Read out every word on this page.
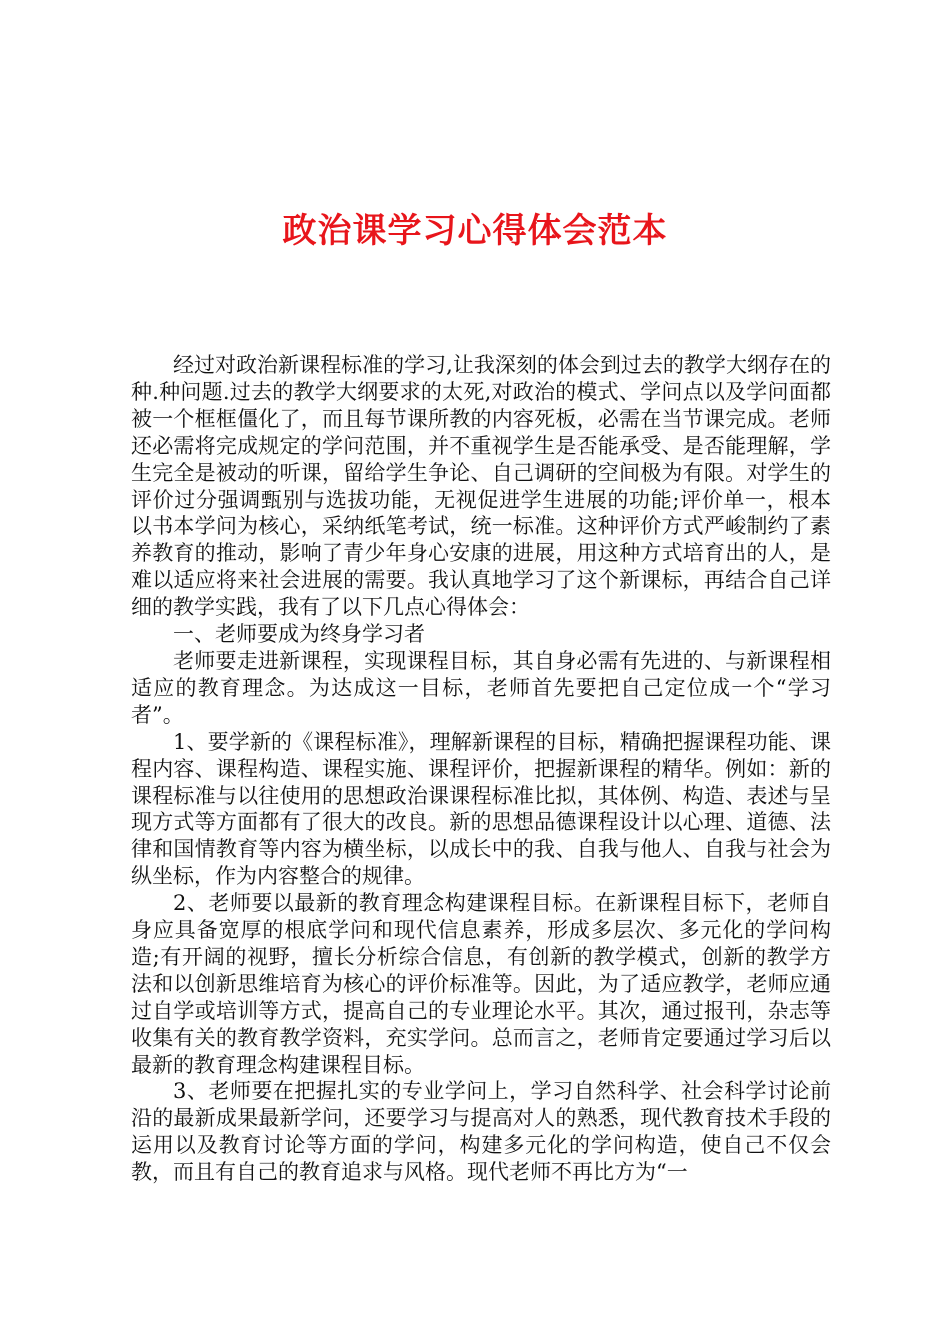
政治课学习心得体会范本

经过对政治新课程标准的学习,让我深刻的体会到过去的教学大纲存在的种.种问题.过去的教学大纲要求的太死,对政治的模式、学问点以及学问面都被一个框框僵化了，而且每节课所教的内容死板，必需在当节课完成。老师还必需将完成规定的学问范围，并不重视学生是否能承受、是否能理解，学生完全是被动的听课，留给学生争论、自己调研的空间极为有限。对学生的评价过分强调甄别与选拔功能，无视促进学生进展的功能;评价单一，根本以书本学问为核心，采纳纸笔考试，统一标准。这种评价方式严峻制约了素养教育的推动，影响了青少年身心安康的进展，用这种方式培育出的人，是难以适应将来社会进展的需要。我认真地学习了这个新课标，再结合自己详细的教学实践，我有了以下几点心得体会：

一、老师要成为终身学习者

老师要走进新课程，实现课程目标，其自身必需有先进的、与新课程相适应的教育理念。为达成这一目标，老师首先要把自己定位成一个“学习者”。

1、要学新的《课程标准》，理解新课程的目标，精确把握课程功能、课程内容、课程构造、课程实施、课程评价，把握新课程的精华。例如：新的课程标准与以往使用的思想政治课课程标准比拟，其体例、构造、表述与呈现方式等方面都有了很大的改良。新的思想品德课程设计以心理、道德、法律和国情教育等内容为横坐标，以成长中的我、自我与他人、自我与社会为纵坐标，作为内容整合的规律。

2、老师要以最新的教育理念构建课程目标。在新课程目标下，老师自身应具备宽厚的根底学问和现代信息素养，形成多层次、多元化的学问构造;有开阔的视野，擅长分析综合信息，有创新的教学模式，创新的教学方法和以创新思维培育为核心的评价标准等。因此，为了适应教学，老师应通过自学或培训等方式，提高自己的专业理论水平。其次，通过报刊，杂志等收集有关的教育教学资料，充实学问。总而言之，老师肯定要通过学习后以最新的教育理念构建课程目标。

3、老师要在把握扎实的专业学问上，学习自然科学、社会科学讨论前沿的最新成果最新学问，还要学习与提高对人的熟悉，现代教育技术手段的运用以及教育讨论等方面的学问，构建多元化的学问构造，使自己不仅会教，而且有自己的教育追求与风格。现代老师不再比方为“一
